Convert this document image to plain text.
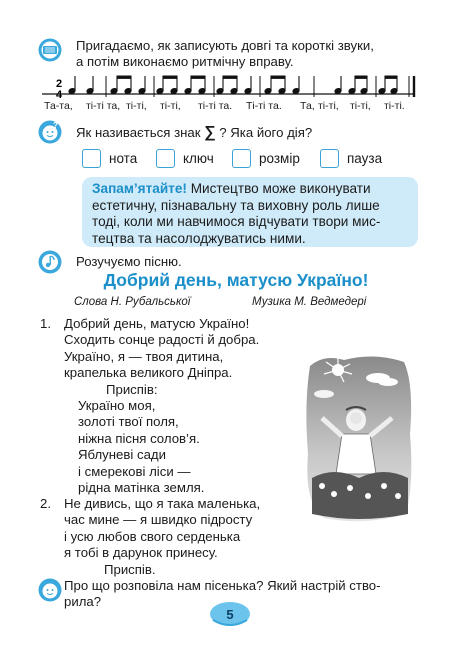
Пригадаємо, як записують довгі та короткі звуки,
а потім виконаємо ритмічну вправу.
2
4
Та-та, ті-ті та, ті-ті, ті-ті, ті-ті та. Ті-ті та. Та, ті-ті, ті-ті, ті-ті.
? Як називається знак ∑ ? Яка його дія?
нота	ключ	розмір	пауза
Запам’ятайте! Мистецтво може виконувати
естетичну, пізнавальну та виховну роль лише
тоді, коли ми навчимося відчувати твори мис-
тецтва та насолоджуватись ними.
Розучуємо пісню.
Добрий день, матусю Україно!
Слова Н. Рубальської	Музика М. Ведмедері
1. Добрий день, матусю Україно!
Сходить сонце радості й добра.
Україно, я — твоя дитина,
крапелька великого Дніпра.
Приспів:
Україно моя,
золоті твої поля,
ніжна пісня солов’я.
Яблуневі сади
і смерекові ліси —
рідна матінка земля.
2. Не дивись, що я така маленька,
час мине — я швидко підросту
і усю любов свого серденька
я тобі в дарунок принесу.
Приспів.
Про що розповіла нам пісенька? Який настрій ство-
рила?
5
